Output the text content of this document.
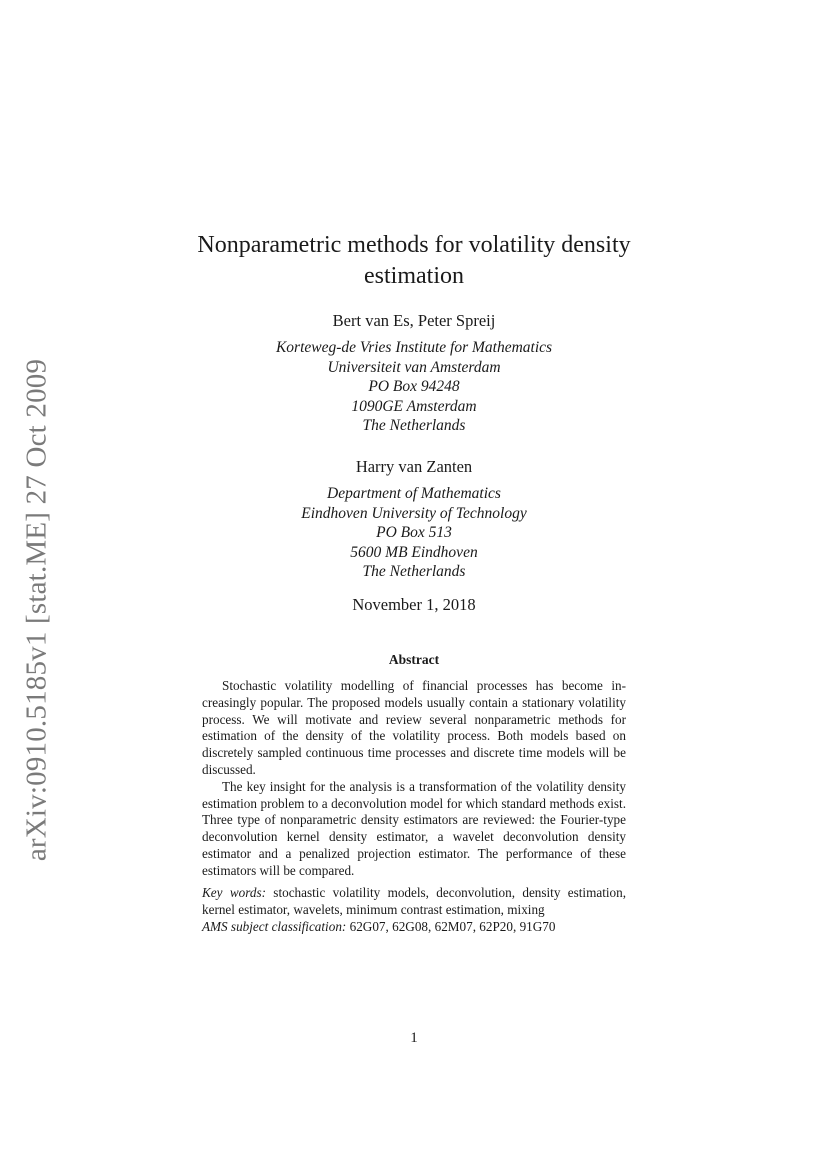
arXiv:0910.5185v1 [stat.ME] 27 Oct 2009
Nonparametric methods for volatility density
estimation
Bert van Es, Peter Spreij
Korteweg-de Vries Institute for Mathematics
Universiteit van Amsterdam
PO Box 94248
1090GE Amsterdam
The Netherlands
Harry van Zanten
Department of Mathematics
Eindhoven University of Technology
PO Box 513
5600 MB Eindhoven
The Netherlands
November 1, 2018
Abstract

Stochastic volatility modelling of financial processes has become increasingly popular. The proposed models usually contain a stationary volatility process. We will motivate and review several nonparametric methods for estimation of the density of the volatility process. Both models based on discretely sampled continuous time processes and discrete time models will be discussed.

The key insight for the analysis is a transformation of the volatility density estimation problem to a deconvolution model for which standard methods exist. Three type of nonparametric density estimators are reviewed: the Fourier-type deconvolution kernel density estimator, a wavelet deconvolution density estimator and a penalized projection estimator. The performance of these estimators will be compared.

Key words: stochastic volatility models, deconvolution, density estimation, kernel estimator, wavelets, minimum contrast estimation, mixing

AMS subject classification: 62G07, 62G08, 62M07, 62P20, 91G70

1
